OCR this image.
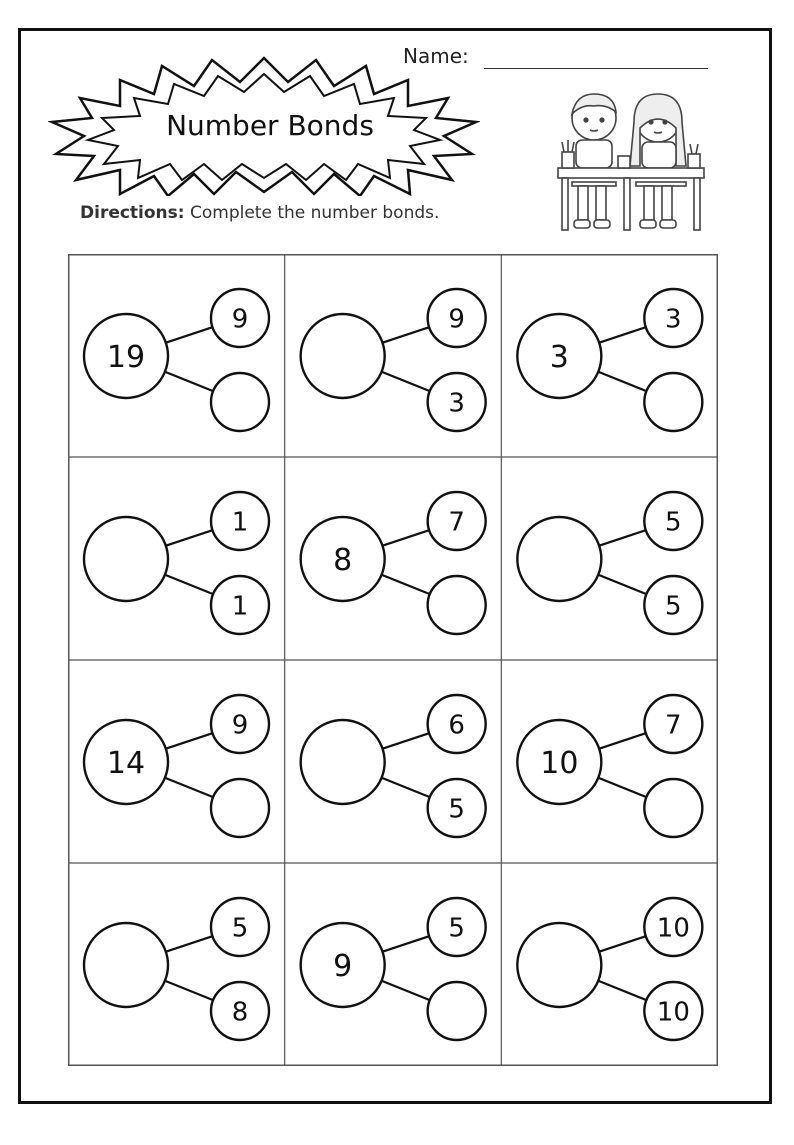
Name:
Number Bonds
Directions: Complete the number bonds.
19
9	9
3
3
3
1
1
8
7	5
5
14
9	6
5
10
7
5
8
9
5	10
10
